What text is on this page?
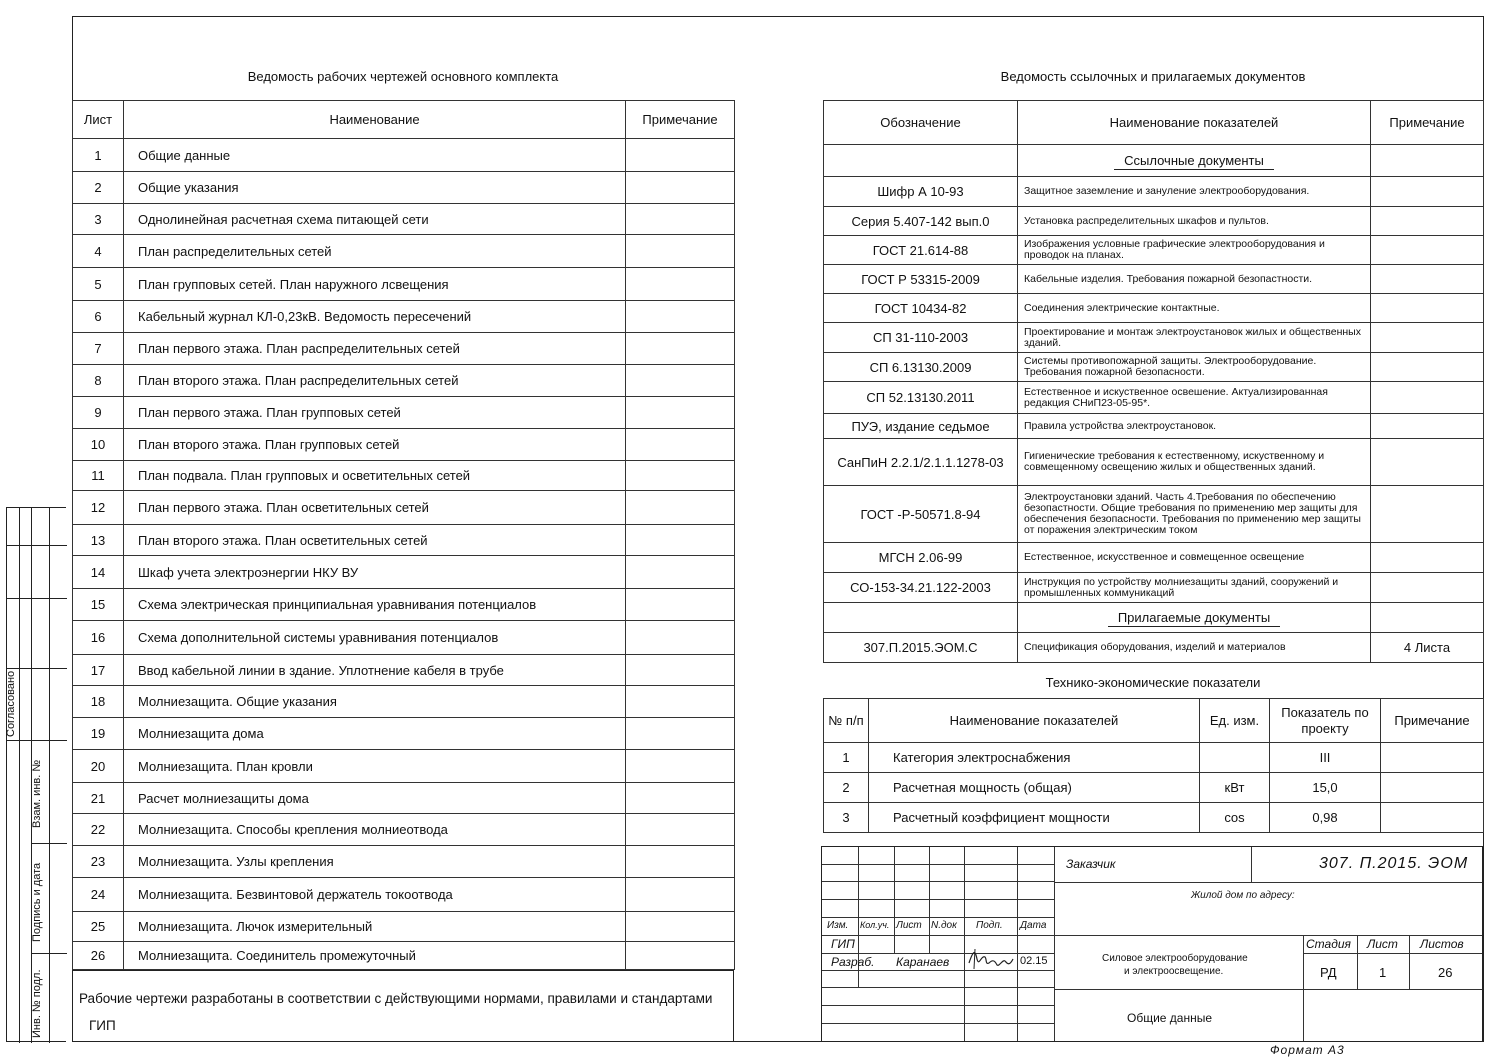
Согласовано
Взам. инв. №
Подпись и дата
Инв. № подл.
Ведомость рабочих чертежей основного комплекта
Лист	Наименование	Примечание
1	Общие данные	
2	Общие указания	
3	Однолинейная расчетная схема питающей сети	
4	План распределительных сетей	
5	План групповых сетей. План наружного лсвещения	
6	Кабельный журнал КЛ-0,23кВ. Ведомость пересечений	
7	План первого этажа. План распределительных сетей	
8	План второго этажа. План распределительных сетей	
9	План первого этажа. План групповых сетей	
10	План второго этажа. План групповых сетей	
11	План подвала. План групповых и осветительных сетей	
12	План первого этажа. План осветительных сетей	
13	План второго этажа. План осветительных сетей	
14	Шкаф учета электроэнергии НКУ ВУ	
15	Схема электрическая принципиальная уравнивания потенциалов	
16	Схема дополнительной системы уравнивания потенциалов	
17	Ввод кабельной линии в здание. Уплотнение кабеля в трубе	
18	Молниезащита. Общие указания	
19	Молниезащита дома	
20	Молниезащита. План кровли	
21	Расчет молниезащиты дома	
22	Молниезащита. Способы крепления молниеотвода	
23	Молниезащита. Узлы крепления	
24	Молниезащита. Безвинтовой держатель токоотвода	
25	Молниезащита. Лючок измерительный	
26	Молниезащита. Соединитель промежуточный	
Рабочие чертежи разработаны в соответствии с действующими нормами, правилами и стандартами
ГИП
Ведомость ссылочных и прилагаемых документов
Обозначение	Наименование показателей	Примечание
	Ссылочные документы	
Шифр А 10-93	Защитное заземление и зануление электрооборудования.	
Серия 5.407-142 вып.0	Установка распределительных шкафов и пультов.	
ГОСТ 21.614-88	Изображения условные графические электрооборудования и проводок на планах.	
ГОСТ Р 53315-2009	Кабельные изделия. Требования пожарной безопастности.	
ГОСТ 10434-82	Соединения электрические контактные.	
СП 31-110-2003	Проектирование и монтаж электроустановок жилых и общественных зданий.	
СП 6.13130.2009	Системы противопожарной защиты. Электрооборудование. Требования пожарной безопасности.	
СП 52.13130.2011	Естественное и искуственное освешение. Актуализированная редакция СНиП23-05-95*.	
ПУЭ, издание седьмое	Правила устройства электроустановок.	
СанПиН 2.2.1/2.1.1.1278-03	Гигиенические требования к естественному, искуственному и совмещенному освещению жилых и общественных зданий.	
ГОСТ -Р-50571.8-94	Электроустановки зданий. Часть 4.Требования по обеспечению безопастности. Общие требования по применению мер защиты для обеспечения безопасности. Требования по применению мер защиты от поражения электрическим током	
МГСН 2.06-99	Естественное, искусственное и совмещенное освещение	
СО-153-34.21.122-2003	Инструкция по устройству молниезащиты зданий, сооружений и промышленных коммуникаций	
	Прилагаемые документы	
307.П.2015.ЭОМ.С	Спецификация оборудования, изделий и материалов	4 Листа
Технико-экономические показатели
№ п/п	Наименование показателей	Ед. изм.	Показатель по проекту	Примечание
1	Категория электроснабжения		III	
2	Расчетная мощность (общая)	кВт	15,0	
3	Расчетный коэффициент мощности	cos	0,98	
Изм. Кол.уч. Лист N.док Подп. Дата
ГИП
Разраб. Каранаев	02.15
Заказчик	307. П.2015. ЭОМ
Жилой дом по адресу:
Силовое электрооборудование
и электроосвещение.
Стадия Лист Листов
РД	1	26
Общие данные
Формат А3
